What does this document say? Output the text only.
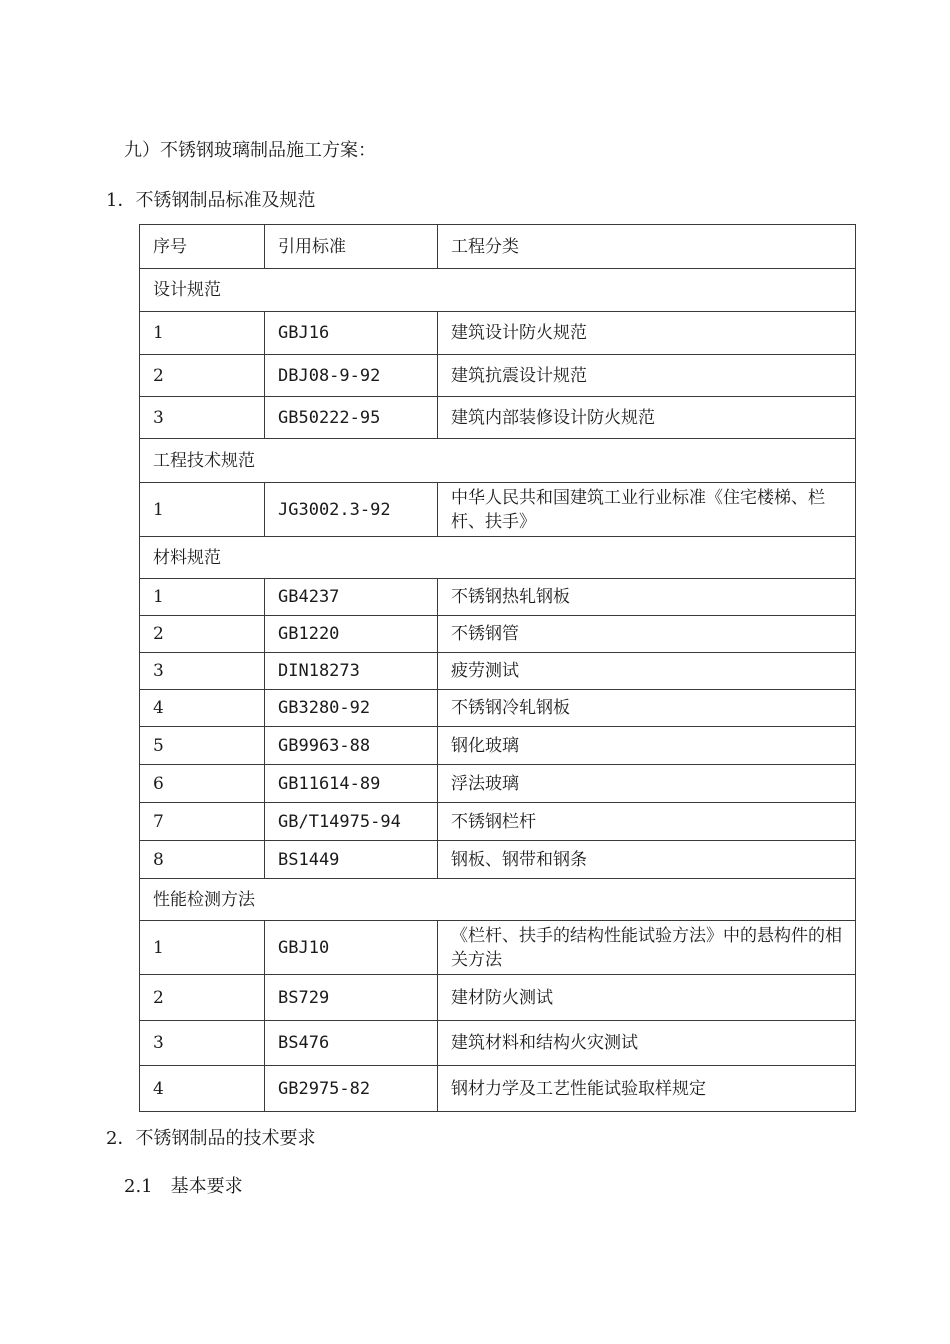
九）不锈钢玻璃制品施工方案：
1．不锈钢制品标准及规范
序号	引用标准	工程分类
设计规范		
1	GBJ16	建筑设计防火规范
2	DBJ08-9-92	建筑抗震设计规范
3	GB50222-95	建筑内部装修设计防火规范
工程技术规范		
1	JG3002.3-92	中华人民共和国建筑工业行业标准《住宅楼梯、栏杆、扶手》
材料规范		
1	GB4237	不锈钢热轧钢板
2	GB1220	不锈钢管
3	DIN18273	疲劳测试
4	GB3280-92	不锈钢冷轧钢板
5	GB9963-88	钢化玻璃
6	GB11614-89	浮法玻璃
7	GB/T14975-94	不锈钢栏杆
8	BS1449	钢板、钢带和钢条
性能检测方法		
1	GBJ10	《栏杆、扶手的结构性能试验方法》中的悬构件的相关方法
2	BS729	建材防火测试
3	BS476	建筑材料和结构火灾测试
4	GB2975-82	钢材力学及工艺性能试验取样规定
2．不锈钢制品的技术要求
2.1　基本要求
